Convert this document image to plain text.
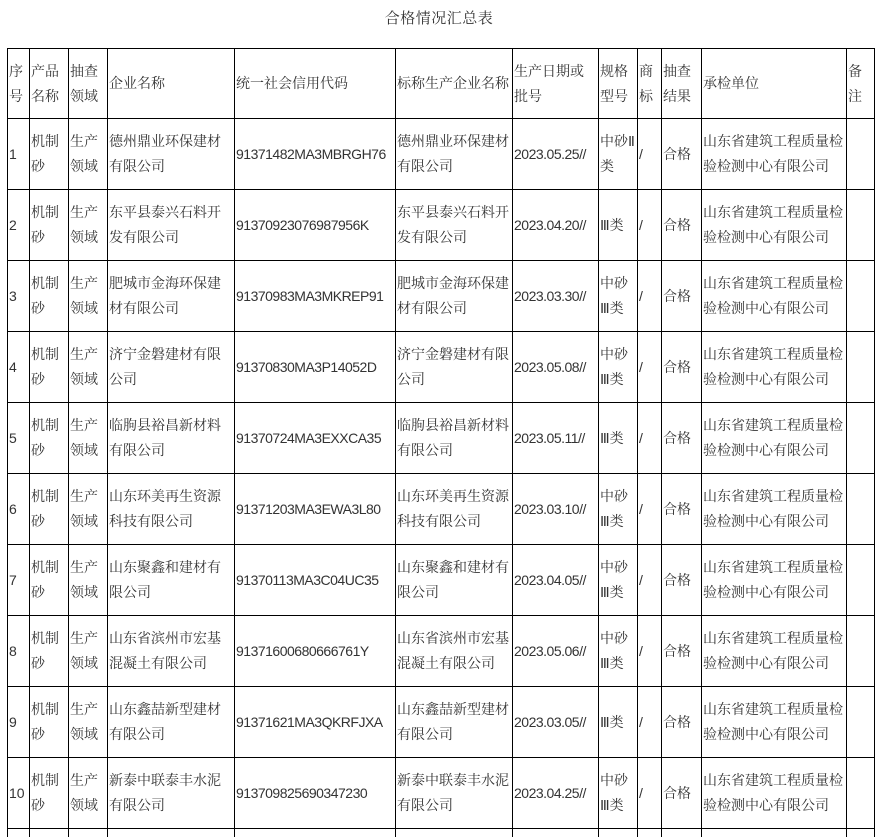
合格情况汇总表
序号	产品名称	抽查领域	企业名称	统一社会信用代码	标称生产企业名称	生产日期或批号	规格型号	商标	抽查结果	承检单位	备注
1	机制砂	生产领域	德州鼎业环保建材有限公司	91371482MA3MBRGH76	德州鼎业环保建材有限公司	2023.05.25//	中砂Ⅱ类	/	合格	山东省建筑工程质量检验检测中心有限公司	
2	机制砂	生产领域	东平县泰兴石料开发有限公司	91370923076987956K	东平县泰兴石料开发有限公司	2023.04.20//	Ⅲ类	/	合格	山东省建筑工程质量检验检测中心有限公司	
3	机制砂	生产领域	肥城市金海环保建材有限公司	91370983MA3MKREP91	肥城市金海环保建材有限公司	2023.03.30//	中砂Ⅲ类	/	合格	山东省建筑工程质量检验检测中心有限公司	
4	机制砂	生产领域	济宁金磐建材有限公司	91370830MA3P14052D	济宁金磐建材有限公司	2023.05.08//	中砂Ⅲ类	/	合格	山东省建筑工程质量检验检测中心有限公司	
5	机制砂	生产领域	临朐县裕昌新材料有限公司	91370724MA3EXXCA35	临朐县裕昌新材料有限公司	2023.05.11//	Ⅲ类	/	合格	山东省建筑工程质量检验检测中心有限公司	
6	机制砂	生产领域	山东环美再生资源科技有限公司	91371203MA3EWA3L80	山东环美再生资源科技有限公司	2023.03.10//	中砂Ⅲ类	/	合格	山东省建筑工程质量检验检测中心有限公司	
7	机制砂	生产领域	山东聚鑫和建材有限公司	91370113MA3C04UC35	山东聚鑫和建材有限公司	2023.04.05//	中砂Ⅲ类	/	合格	山东省建筑工程质量检验检测中心有限公司	
8	机制砂	生产领域	山东省滨州市宏基混凝土有限公司	91371600680666761Y	山东省滨州市宏基混凝土有限公司	2023.05.06//	中砂Ⅲ类	/	合格	山东省建筑工程质量检验检测中心有限公司	
9	机制砂	生产领域	山东鑫喆新型建材有限公司	91371621MA3QKRFJXA	山东鑫喆新型建材有限公司	2023.03.05//	Ⅲ类	/	合格	山东省建筑工程质量检验检测中心有限公司	
10	机制砂	生产领域	新泰中联泰丰水泥有限公司	913709825690347230	新泰中联泰丰水泥有限公司	2023.04.25//	中砂Ⅲ类	/	合格	山东省建筑工程质量检验检测中心有限公司	
